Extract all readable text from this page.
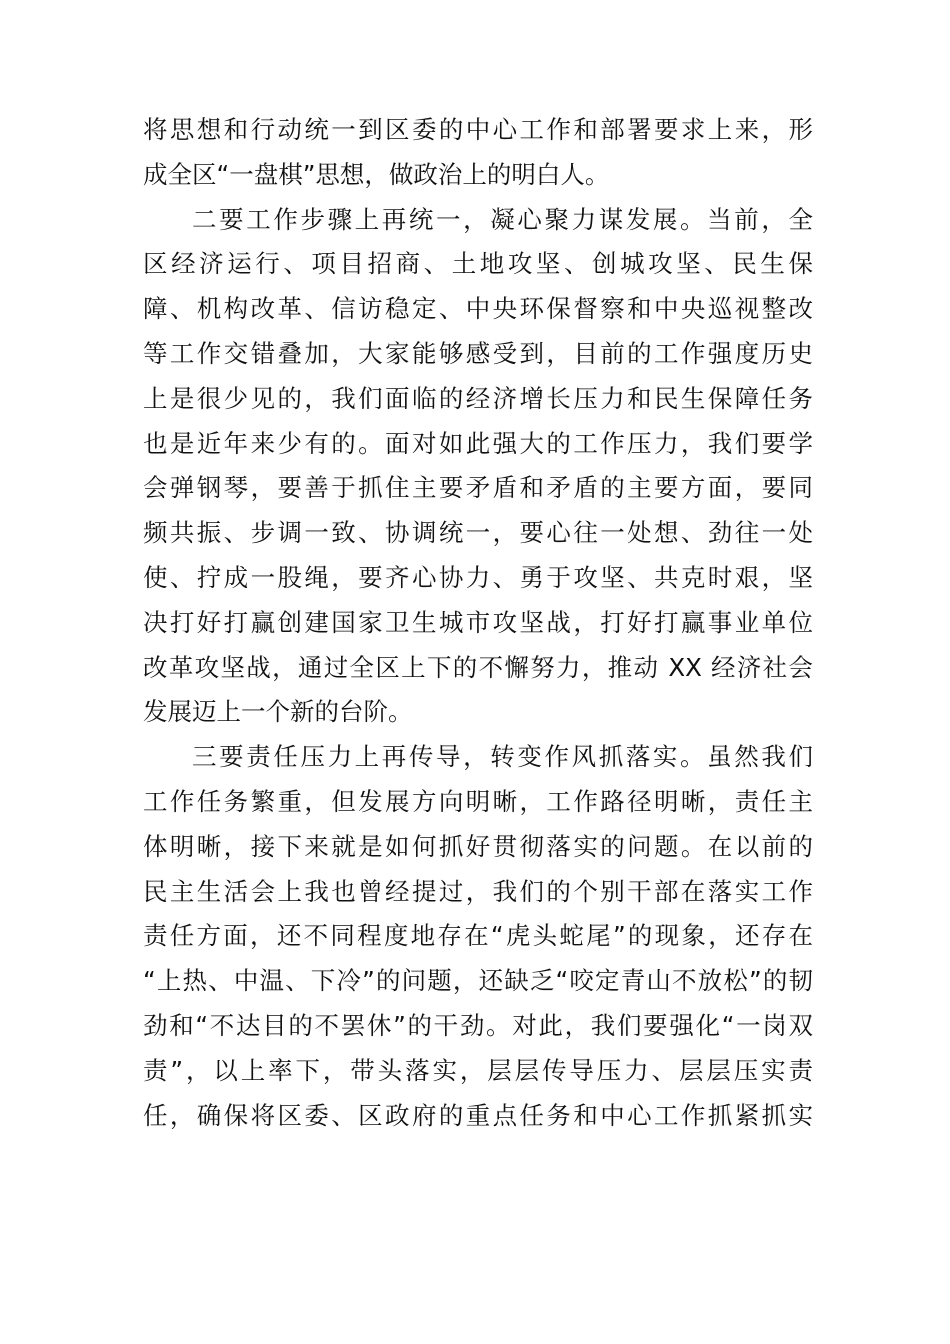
将思想和行动统一到区委的中心工作和部署要求上来，形
成全区“一盘棋”思想，做政治上的明白人。
二要工作步骤上再统一，凝心聚力谋发展。当前，全
区经济运行、项目招商、土地攻坚、创城攻坚、民生保
障、机构改革、信访稳定、中央环保督察和中央巡视整改
等工作交错叠加，大家能够感受到，目前的工作强度历史
上是很少见的，我们面临的经济增长压力和民生保障任务
也是近年来少有的。面对如此强大的工作压力，我们要学
会弹钢琴，要善于抓住主要矛盾和矛盾的主要方面，要同
频共振、步调一致、协调统一，要心往一处想、劲往一处
使、拧成一股绳，要齐心协力、勇于攻坚、共克时艰，坚
决打好打赢创建国家卫生城市攻坚战，打好打赢事业单位
改革攻坚战，通过全区上下的不懈努力，推动 XX 经济社会
发展迈上一个新的台阶。
三要责任压力上再传导，转变作风抓落实。虽然我们
工作任务繁重，但发展方向明晰，工作路径明晰，责任主
体明晰，接下来就是如何抓好贯彻落实的问题。在以前的
民主生活会上我也曾经提过，我们的个别干部在落实工作
责任方面，还不同程度地存在“虎头蛇尾”的现象，还存在
“上热、中温、下冷”的问题，还缺乏“咬定青山不放松”的韧
劲和“不达目的不罢休”的干劲。对此，我们要强化“一岗双
责”，以上率下，带头落实，层层传导压力、层层压实责
任，确保将区委、区政府的重点任务和中心工作抓紧抓实
